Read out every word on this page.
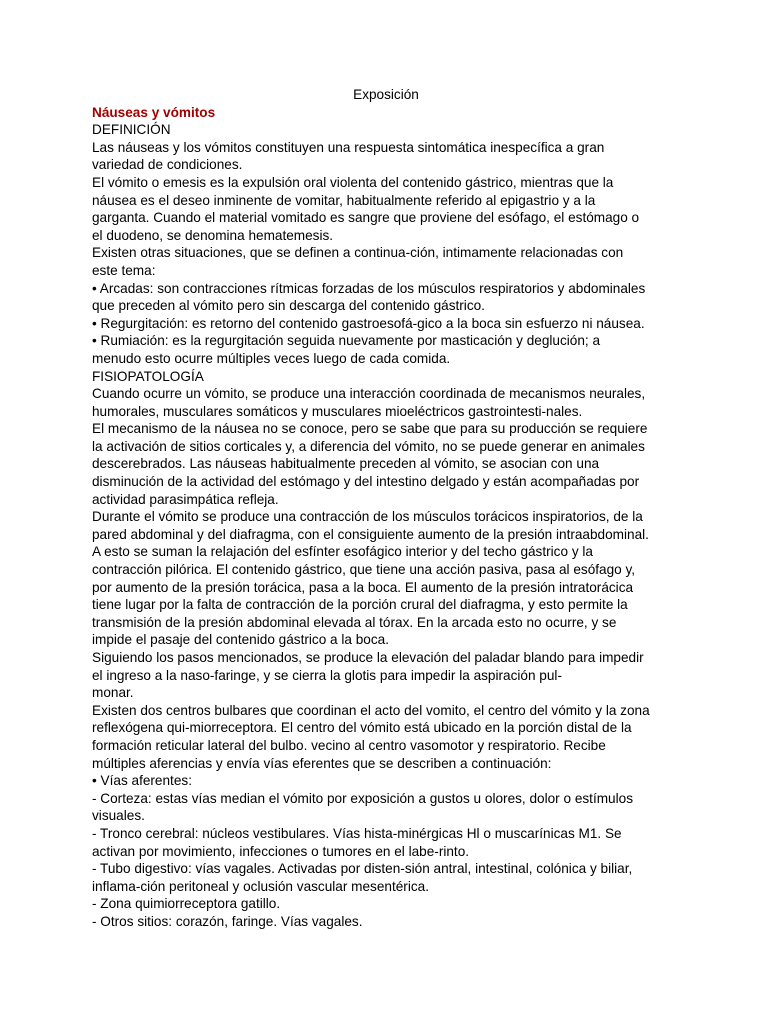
Exposición
Náuseas y vómitos

DEFINICIÓN

Las náuseas y los vómitos constituyen una respuesta sintomática inespecífica a gran

variedad de condiciones.

El vómito o emesis es la expulsión oral violenta del contenido gástrico, mientras que la

náusea es el deseo inminente de vomitar, habitualmente referido al epigastrio y a la

garganta. Cuando el material vomitado es sangre que proviene del esófago, el estómago o

el duodeno, se denomina hematemesis.

Existen otras situaciones, que se definen a continua-ción, intimamente relacionadas con

este tema:

• Arcadas: son contracciones rítmicas forzadas de los músculos respiratorios y abdominales

que preceden al vómito pero sin descarga del contenido gástrico.

• Regurgitación: es retorno del contenido gastroesofá-gico a la boca sin esfuerzo ni náusea.

• Rumiación: es la regurgitación seguida nuevamente por masticación y deglución; a

menudo esto ocurre múltiples veces luego de cada comida.

FISIOPATOLOGÍA

Cuando ocurre un vómito, se produce una interacción coordinada de mecanismos neurales,

humorales, musculares somáticos y musculares mioeléctricos gastrointesti-nales.

El mecanismo de la náusea no se conoce, pero se sabe que para su producción se requiere

la activación de sitios corticales y, a diferencia del vómito, no se puede generar en animales

descerebrados. Las náuseas habitualmente preceden al vómito, se asocian con una

disminución de la actividad del estómago y del intestino delgado y están acompañadas por

actividad parasimpática refleja.

Durante el vómito se produce una contracción de los músculos torácicos inspiratorios, de la

pared abdominal y del diafragma, con el consiguiente aumento de la presión intraabdominal.

A esto se suman la relajación del esfínter esofágico interior y del techo gástrico y la

contracción pilórica. El contenido gástrico, que tiene una acción pasiva, pasa al esófago y,

por aumento de la presión torácica, pasa a la boca. El aumento de la presión intratorácica

tiene lugar por la falta de contracción de la porción crural del diafragma, y esto permite la

transmisión de la presión abdominal elevada al tórax. En la arcada esto no ocurre, y se

impide el pasaje del contenido gástrico a la boca.

Siguiendo los pasos mencionados, se produce la elevación del paladar blando para impedir

el ingreso a la naso-faringe, y se cierra la glotis para impedir la aspiración pul-

monar.

Existen dos centros bulbares que coordinan el acto del vomito, el centro del vómito y la zona

reflexógena qui-miorreceptora. El centro del vómito está ubicado en la porción distal de la

formación reticular lateral del bulbo. vecino al centro vasomotor y respiratorio. Recibe

múltiples aferencias y envía vías eferentes que se describen a continuación:

• Vías aferentes:

- Corteza: estas vías median el vómito por exposición a gustos u olores, dolor o estímulos

visuales.

- Tronco cerebral: núcleos vestibulares. Vías hista-minérgicas Hl o muscarínicas M1. Se

activan por movimiento, infecciones o tumores en el labe-rinto.

- Tubo digestivo: vías vagales. Activadas por disten-sión antral, intestinal, colónica y biliar,

inflama-ción peritoneal y oclusión vascular mesentérica.

- Zona quimiorreceptora gatillo.

- Otros sitios: corazón, faringe. Vías vagales.
